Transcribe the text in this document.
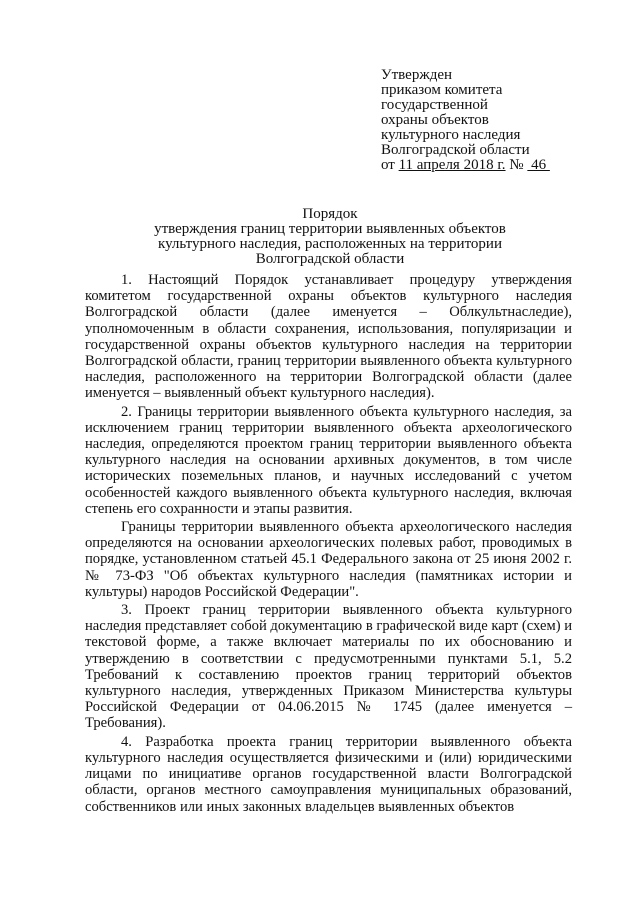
Утвержден
приказом комитета
государственной
охраны объектов
культурного наследия
Волгоградской области
от 11 апреля 2018 г. №  46
Порядок
утверждения границ территории выявленных объектов
культурного наследия, расположенных на территории
Волгоградской области

1. Настоящий Порядок устанавливает процедуру утверждения комитетом государственной охраны объектов культурного наследия Волгоградской области (далее именуется – Облкультнаследие), уполномоченным в области сохранения, использования, популяризации и государственной охраны объектов культурного наследия на территории Волгоградской области, границ территории выявленного объекта культурного наследия, расположенного на территории Волгоградской области (далее именуется – выявленный объект культурного наследия).

2. Границы территории выявленного объекта культурного наследия, за исключением границ территории выявленного объекта археологического наследия, определяются проектом границ территории выявленного объекта культурного наследия на основании архивных документов, в том числе исторических поземельных планов, и научных исследований с учетом особенностей каждого выявленного объекта культурного наследия, включая степень его сохранности и этапы развития.

Границы территории выявленного объекта археологического наследия определяются на основании археологических полевых работ, проводимых в порядке, установленном статьей 45.1 Федерального закона от 25 июня 2002 г. № 73-ФЗ "Об объектах культурного наследия (памятниках истории и культуры) народов Российской Федерации".

3. Проект границ территории выявленного объекта культурного наследия представляет собой документацию в графической виде карт (схем) и текстовой форме, а также включает материалы по их обоснованию и утверждению в соответствии с предусмотренными пунктами 5.1, 5.2 Требований к составлению проектов границ территорий объектов культурного наследия, утвержденных Приказом Министерства культуры Российской Федерации от 04.06.2015 № 1745 (далее именуется – Требования).

4. Разработка проекта границ территории выявленного объекта культурного наследия осуществляется физическими и (или) юридическими лицами по инициативе органов государственной власти Волгоградской области, органов местного самоуправления муниципальных образований, собственников или иных законных владельцев выявленных объектов
